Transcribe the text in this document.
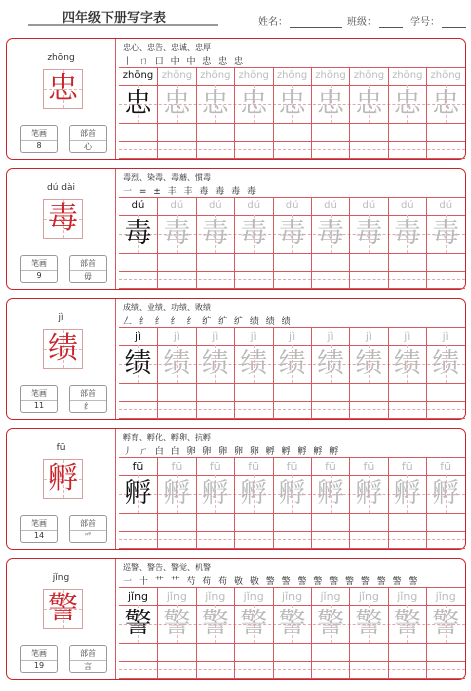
四年级下册写字表	姓名：	班级：	学号：
zhōng
忠
笔画
8
部首
心
忠心、忠告、忠诚、忠厚
丨 ㄇ 口 中 中 忠 忠 忠
zhōng
忠
zhōng
忠
zhōng
忠
zhōng
忠
zhōng
忠
zhōng
忠
zhōng
忠
zhōng
忠
zhōng
忠
dú dài
毒
笔画
9
部首
毋
毒烈、染毒、毒蘑、惯毒
一 = ± 丰 丰 毒 毒 毒 毒
dú
毒
dú
毒
dú
毒
dú
毒
dú
毒
dú
毒
dú
毒
dú
毒
dú
毒
jì
绩
笔画
11
部首
纟
成绩、业绩、功绩、败绩
𠃋 纟 纟 纟 纟 纩 纩 纩 绩 绩 绩
jì
绩
jì
绩
jì
绩
jì
绩
jì
绩
jì
绩
jì
绩
jì
绩
jì
绩
fū
孵
笔画
14
部首
爫
孵育、孵化、孵卵、抗孵
丿 ㄏ 白 白 卵 卵 卵 卵 卵 孵 孵 孵 孵 孵
fū
孵
fū
孵
fū
孵
fū
孵
fū
孵
fū
孵
fū
孵
fū
孵
fū
孵
jǐng
警
笔画
19
部首
言
巡警、警告、警觉、机警
一 十 艹 艹 芍 苟 苟 敬 敬 警 警 警 警 警 警 警 警 警 警
jǐng
警
jǐng
警
jǐng
警
jǐng
警
jǐng
警
jǐng
警
jǐng
警
jǐng
警
jǐng
警
